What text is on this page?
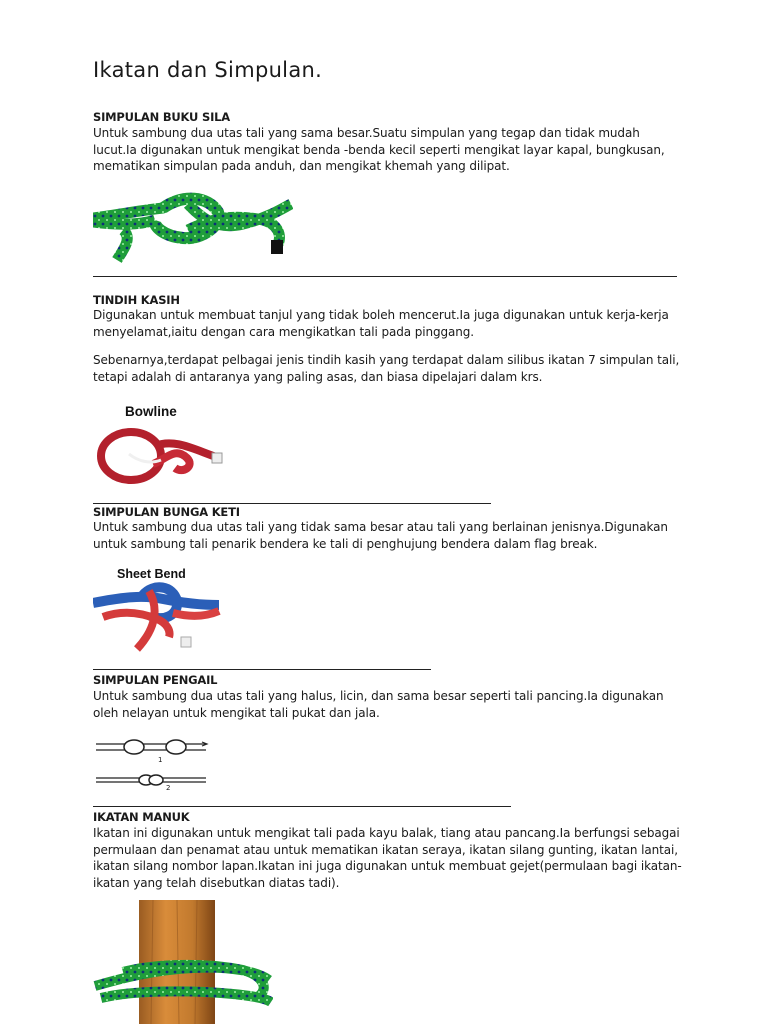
Ikatan dan Simpulan.
SIMPULAN BUKU SILA

Untuk sambung dua utas tali yang sama besar.Suatu simpulan yang tegap dan tidak mudah lucut.Ia digunakan untuk mengikat benda -benda kecil seperti mengikat layar kapal, bungkusan, mematikan simpulan pada anduh, dan mengikat khemah yang dilipat.

TINDIH KASIH

Digunakan untuk membuat tanjul yang tidak boleh mencerut.Ia juga digunakan untuk kerja-kerja menyelamat,iaitu dengan cara mengikatkan tali pada pinggang.

Sebenarnya,terdapat pelbagai jenis tindih kasih yang terdapat dalam silibus ikatan 7 simpulan tali, tetapi adalah di antaranya yang paling asas, dan biasa dipelajari dalam krs.

Bowline
SIMPULAN BUNGA KETI

Untuk sambung dua utas tali yang tidak sama besar atau tali yang berlainan jenisnya.Digunakan untuk sambung tali penarik bendera ke tali di penghujung bendera dalam flag break.

Sheet Bend
SIMPULAN PENGAIL

Untuk sambung dua utas tali yang halus, licin, dan sama besar seperti tali pancing.Ia digunakan oleh nelayan untuk mengikat tali pukat dan jala.

1
2
IKATAN MANUK

Ikatan ini digunakan untuk mengikat tali pada kayu balak, tiang atau pancang.Ia berfungsi sebagai permulaan dan penamat atau untuk mematikan ikatan seraya, ikatan silang gunting, ikatan lantai, ikatan silang nombor lapan.Ikatan ini juga digunakan untuk membuat gejet(permulaan bagi ikatan-ikatan yang telah disebutkan diatas tadi).
